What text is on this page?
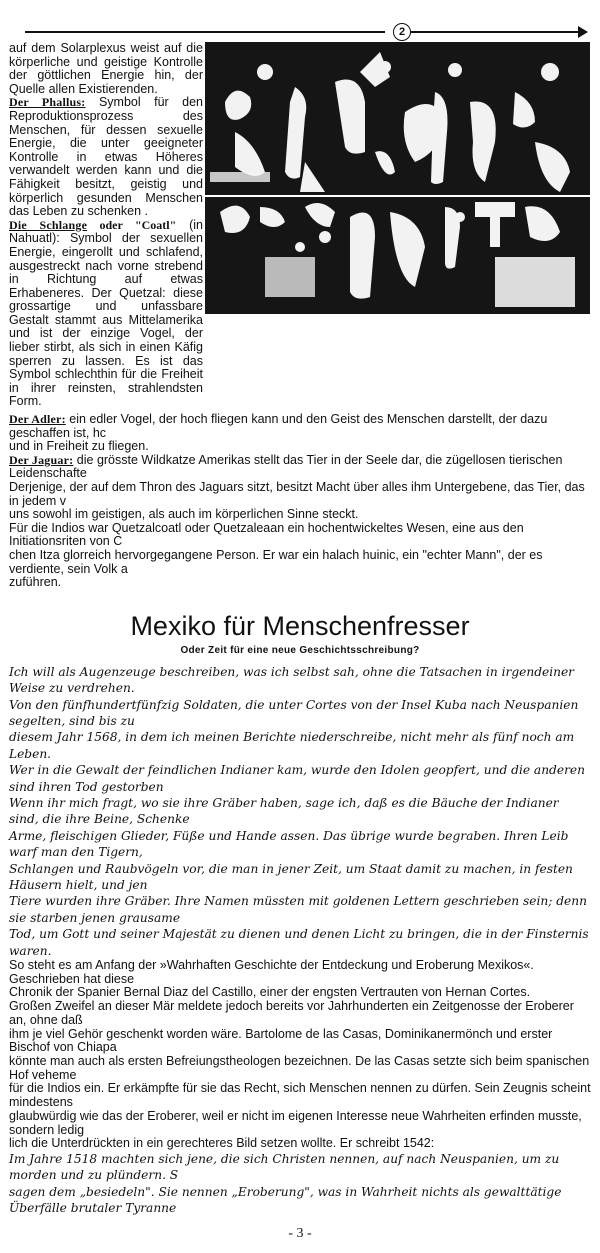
2

auf dem Solarplexus weist auf die körperliche und geistige Kontrolle der göttlichen Energie hin, der Quelle allen Existierenden.

Der Phallus: Symbol für den Reproduktionsprozess des Menschen, für dessen sexuelle Energie, die unter geeigneter Kontrolle in etwas Höheres verwandelt werden kann und die Fähigkeit besitzt, geistig und körperlich gesunden Menschen das Leben zu schenken .

Die Schlange oder "Coatl" (in Nahuatl): Symbol der sexuellen Energie, eingerollt und schlafend, ausgestreckt nach vorne strebend in Richtung auf etwas Erhabeneres. Der Quetzal: diese grossartige und unfassbare Gestalt stammt aus Mittelamerika und ist der einzige Vogel, der lieber stirbt, als sich in einen Käfig sperren zu lassen. Es ist das Symbol schlechthin für die Freiheit in ihrer reinsten, strahlendsten Form.

Der Adler: ein edler Vogel, der hoch fliegen kann und den Geist des Menschen darstellt, der dazu geschaffen ist, hc

und in Freiheit zu fliegen.

Der Jaguar: die grösste Wildkatze Amerikas stellt das Tier in der Seele dar, die zügellosen tierischen Leidenschafte

Derjenige, der auf dem Thron des Jaguars sitzt, besitzt Macht über alles ihm Untergebene, das Tier, das in jedem v

uns sowohl im geistigen, als auch im körperlichen Sinne steckt.

Für die Indios war Quetzalcoatl oder Quetzaleaan ein hochentwickeltes Wesen, eine aus den Initiationsriten von C

chen Itza glorreich hervorgegangene Person. Er war ein halach huinic, ein "echter Mann", der es verdiente, sein Volk a

zuführen.

Mexiko für Menschenfresser
Oder Zeit für eine neue Geschichtsschreibung?

Ich will als Augenzeuge beschreiben, was ich selbst sah, ohne die Tatsachen in irgendeiner Weise zu verdrehen.

Von den fünfhundertfünfzig Soldaten, die unter Cortes von der Insel Kuba nach Neuspanien segelten, sind bis zu

diesem Jahr 1568, in dem ich meinen Berichte niederschreibe, nicht mehr als fünf noch am Leben.

Wer in die Gewalt der feindlichen Indianer kam, wurde den Idolen geopfert, und die anderen sind ihren Tod gestorben

Wenn ihr mich fragt, wo sie ihre Gräber haben, sage ich, daß es die Bäuche der Indianer sind, die ihre Beine, Schenke

Arme, fleischigen Glieder, Füße und Hande assen. Das übrige wurde begraben. Ihren Leib warf man den Tigern,

Schlangen und Raubvögeln vor, die man in jener Zeit, um Staat damit zu machen, in festen Häusern hielt, und jen

Tiere wurden ihre Gräber. Ihre Namen müssten mit goldenen Lettern geschrieben sein; denn sie starben jenen grausame

Tod, um Gott und seiner Majestät zu dienen und denen Licht zu bringen, die in der Finsternis waren.

So steht es am Anfang der »Wahrhaften Geschichte der Entdeckung und Eroberung Mexikos«. Geschrieben hat diese

Chronik der Spanier Bernal Diaz del Castillo, einer der engsten Vertrauten von Hernan Cortes.

Großen Zweifel an dieser Mär meldete jedoch bereits vor Jahrhunderten ein Zeitgenosse der Eroberer an, ohne daß

ihm je viel Gehör geschenkt worden wäre. Bartolome de las Casas, Dominikanermönch und erster Bischof von Chiapa

könnte man auch als ersten Befreiungstheologen bezeichnen. De las Casas setzte sich beim spanischen Hof veheme

für die Indios ein. Er erkämpfte für sie das Recht, sich Menschen nennen zu dürfen. Sein Zeugnis scheint mindestens

glaubwürdig wie das der Eroberer, weil er nicht im eigenen Interesse neue Wahrheiten erfinden musste, sondern ledig

lich die Unterdrückten in ein gerechteres Bild setzen wollte. Er schreibt 1542:

Im Jahre 1518 machten sich jene, die sich Christen nennen, auf nach Neuspanien, um zu morden und zu plündern. S

sagen dem „besiedeln". Sie nennen „Eroberung", was in Wahrheit nichts als gewalttätige Überfälle brutaler Tyranne

- 3 -
